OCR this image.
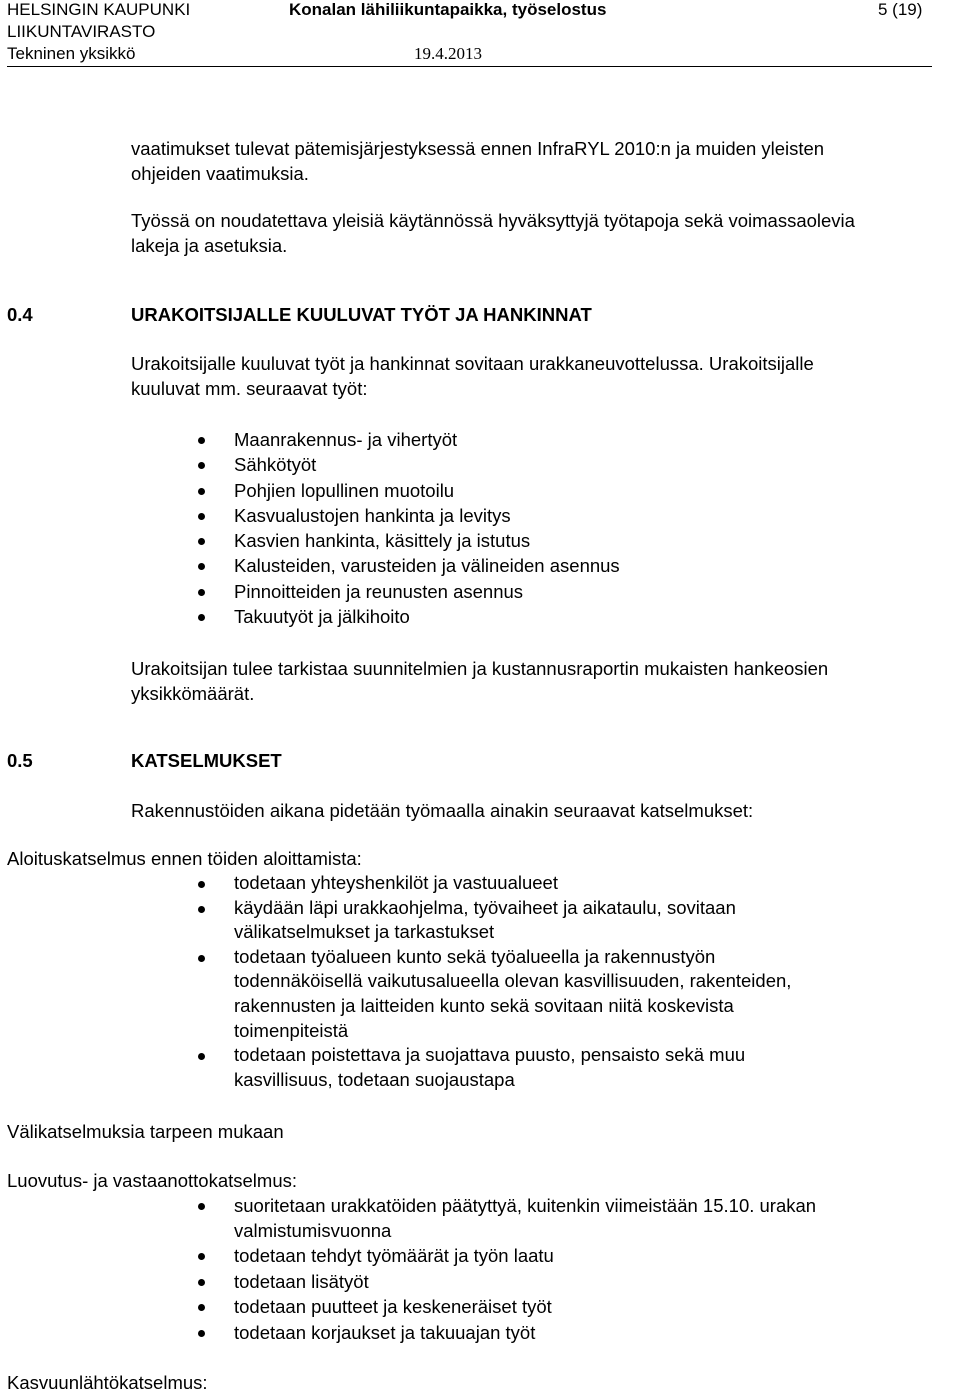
HELSINGIN KAUPUNKI
LIIKUNTAVIRASTO
Tekninen yksikkö
Konalan lähiliikuntapaikka, työselostus
19.4.2013
5 (19)
vaatimukset tulevat pätemisjärjestyksessä ennen InfraRYL 2010:n ja muiden yleisten
ohjeiden vaatimuksia.
Työssä on noudatettava yleisiä käytännössä hyväksyttyjä työtapoja sekä voimassaolevia
lakeja ja asetuksia.
0.4	URAKOITSIJALLE KUULUVAT TYÖT JA HANKINNAT
Urakoitsijalle kuuluvat työt ja hankinnat sovitaan urakkaneuvottelussa. Urakoitsijalle
kuuluvat mm. seuraavat työt:
Maanrakennus- ja vihertyöt
Sähkötyöt
Pohjien lopullinen muotoilu
Kasvualustojen hankinta ja levitys
Kasvien hankinta, käsittely ja istutus
Kalusteiden, varusteiden ja välineiden asennus
Pinnoitteiden ja reunusten asennus
Takuutyöt ja jälkihoito
Urakoitsijan tulee tarkistaa suunnitelmien ja kustannusraportin mukaisten hankeosien
yksikkömäärät.
0.5	KATSELMUKSET
Rakennustöiden aikana pidetään työmaalla ainakin seuraavat katselmukset:
Aloituskatselmus ennen töiden aloittamista:
todetaan yhteyshenkilöt ja vastuualueet
käydään läpi urakkaohjelma, työvaiheet ja aikataulu, sovitaan
välikatselmukset ja tarkastukset
todetaan työalueen kunto sekä työalueella ja rakennustyön
todennäköisellä vaikutusalueella olevan kasvillisuuden, rakenteiden,
rakennusten ja laitteiden kunto sekä sovitaan niitä koskevista
toimenpiteistä
todetaan poistettava ja suojattava puusto, pensaisto sekä muu
kasvillisuus, todetaan suojaustapa
Välikatselmuksia tarpeen mukaan
Luovutus- ja vastaanottokatselmus:
suoritetaan urakkatöiden päätyttyä, kuitenkin viimeistään 15.10. urakan
valmistumisvuonna
todetaan tehdyt työmäärät ja työn laatu
todetaan lisätyöt
todetaan puutteet ja keskeneräiset työt
todetaan korjaukset ja takuuajan työt
Kasvuunlähtökatselmus:
